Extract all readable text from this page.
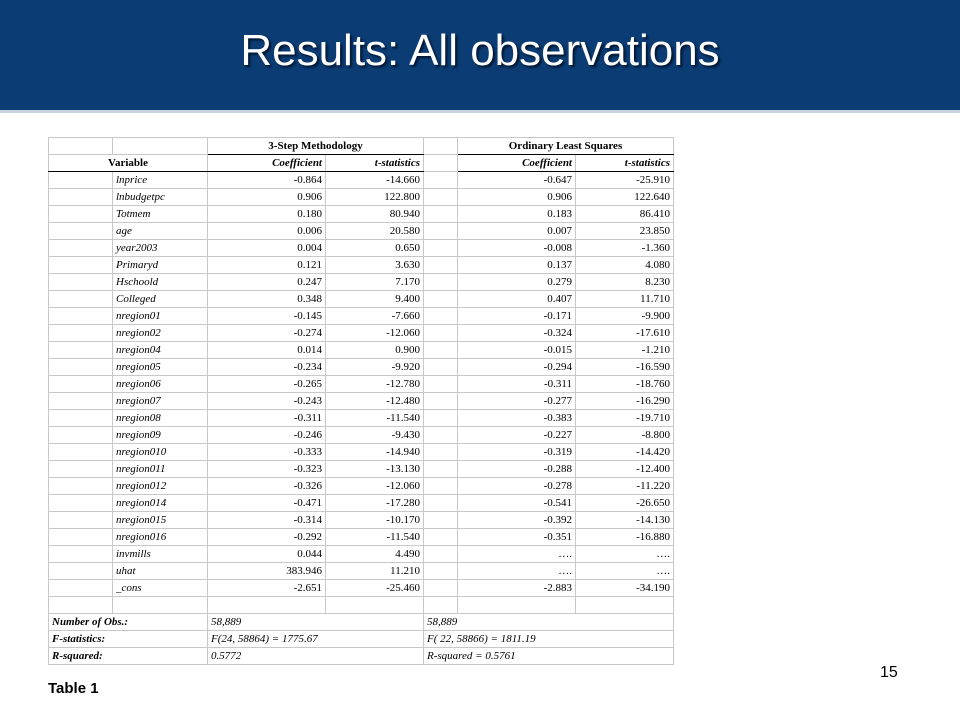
Results: All observations
		3-Step Methodology			Ordinary Least Squares	
Variable		Coefficient	t-statistics		Coefficient	t-statistics
	lnprice	-0.864	-14.660		-0.647	-25.910
	lnbudgetpc	0.906	122.800		0.906	122.640
	Totmem	0.180	80.940		0.183	86.410
	age	0.006	20.580		0.007	23.850
	year2003	0.004	0.650		-0.008	-1.360
	Primaryd	0.121	3.630		0.137	4.080
	Hschoold	0.247	7.170		0.279	8.230
	Colleged	0.348	9.400		0.407	11.710
	nregion01	-0.145	-7.660		-0.171	-9.900
	nregion02	-0.274	-12.060		-0.324	-17.610
	nregion04	0.014	0.900		-0.015	-1.210
	nregion05	-0.234	-9.920		-0.294	-16.590
	nregion06	-0.265	-12.780		-0.311	-18.760
	nregion07	-0.243	-12.480		-0.277	-16.290
	nregion08	-0.311	-11.540		-0.383	-19.710
	nregion09	-0.246	-9.430		-0.227	-8.800
	nregion010	-0.333	-14.940		-0.319	-14.420
	nregion011	-0.323	-13.130		-0.288	-12.400
	nregion012	-0.326	-12.060		-0.278	-11.220
	nregion014	-0.471	-17.280		-0.541	-26.650
	nregion015	-0.314	-10.170		-0.392	-14.130
	nregion016	-0.292	-11.540		-0.351	-16.880
	invmills	0.044	4.490		….	….
	uhat	383.946	11.210		….	….
	_cons	-2.651	-25.460		-2.883	-34.190

Number of Obs.:		58,889		58,889		
F-statistics:		F(24, 58864) = 1775.67		F( 22, 58866) = 1811.19		
R-squared:		0.5772		R-squared = 0.5761		
Table 1
15
